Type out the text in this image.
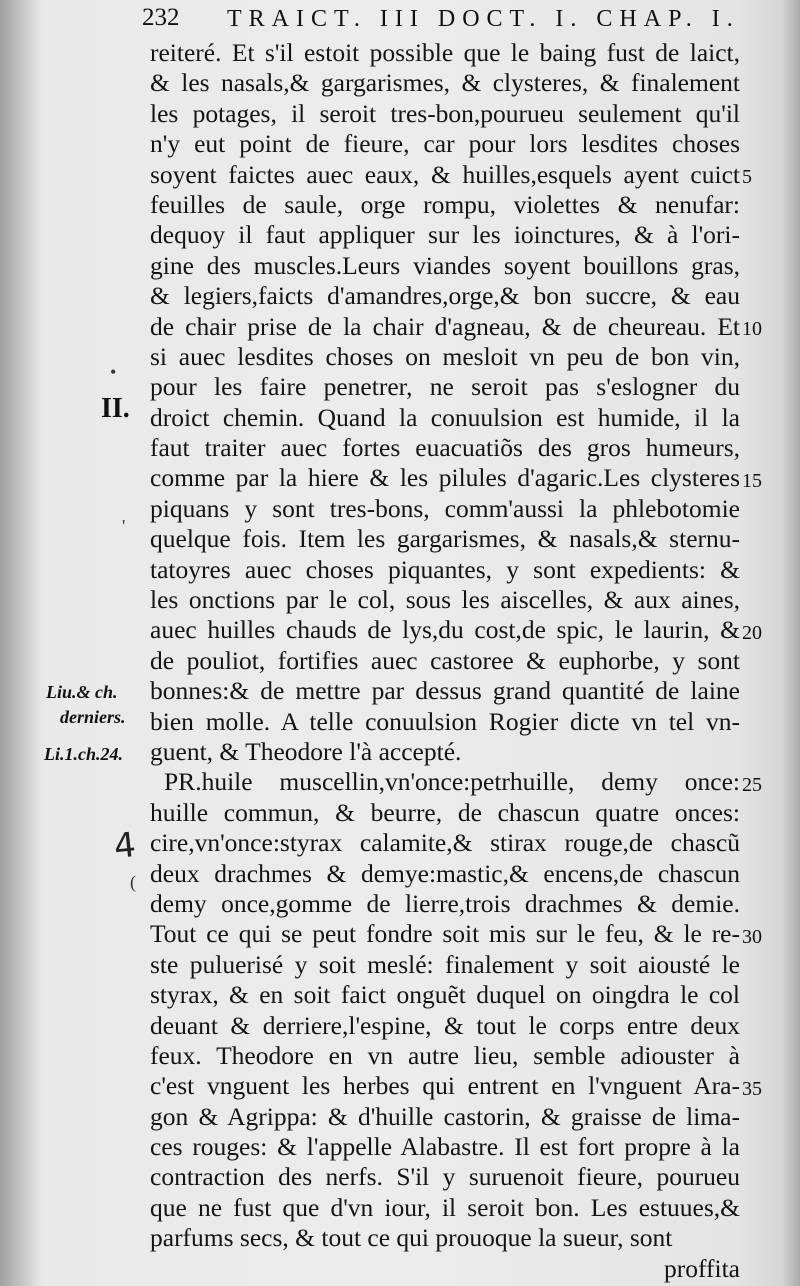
232 TRAICT. III DOCT. I. CHAP. I.
II.
Liu.& ch.
derniers.
Li.1.ch.24.
4
•
'
(
reiteré. Et s'il estoit possible que le baing fust de laict,
& les nasals,& gargarismes, & clysteres, & finalement
les potages, il seroit tres-bon,pourueu seulement qu'il
n'y eut point de fieure, car pour lors lesdites choses
soyent faictes auec eaux, & huilles,esquels ayent cuict
feuilles de saule, orge rompu, violettes & nenufar:
dequoy il faut appliquer sur les ioinctures, & à l'ori-
gine des muscles.Leurs viandes soyent bouillons gras,
& legiers,faicts d'amandres,orge,& bon succre, & eau
de chair prise de la chair d'agneau, & de cheureau. Et
si auec lesdites choses on mesloit vn peu de bon vin,
pour les faire penetrer, ne seroit pas s'eslogner du
droict chemin. Quand la conuulsion est humide, il la
faut traiter auec fortes euacuatiõs des gros humeurs,
comme par la hiere & les pilules d'agaric.Les clysteres
piquans y sont tres-bons, comm'aussi la phlebotomie
quelque fois. Item les gargarismes, & nasals,& sternu-
tatoyres auec choses piquantes, y sont expedients: &
les onctions par le col, sous les aiscelles, & aux aines,
auec huilles chauds de lys,du cost,de spic, le laurin, &
de pouliot, fortifies auec castoree & euphorbe, y sont
bonnes:& de mettre par dessus grand quantité de laine
bien molle. A telle conuulsion Rogier dicte vn tel vn-
guent, & Theodore l'à accepté.
PR.huile muscellin,vn'once:petrhuille, demy once:
huille commun, & beurre, de chascun quatre onces:
cire,vn'once:styrax calamite,& stirax rouge,de chascũ
deux drachmes & demye:mastic,& encens,de chascun
demy once,gomme de lierre,trois drachmes & demie.
Tout ce qui se peut fondre soit mis sur le feu, & le re-
ste puluerisé y soit meslé: finalement y soit aiousté le
styrax, & en soit faict onguẽt duquel on oingdra le col
deuant & derriere,l'espine, & tout le corps entre deux
feux. Theodore en vn autre lieu, semble adiouster à
c'est vnguent les herbes qui entrent en l'vnguent Ara-
gon & Agrippa: & d'huille castorin, & graisse de lima-
ces rouges: & l'appelle Alabastre. Il est fort propre à la
contraction des nerfs. S'il y suruenoit fieure, pourueu
que ne fust que d'vn iour, il seroit bon. Les estuues,&
parfums secs, & tout ce qui prouoque la sueur, sont
proffita
5
10
15
20
25
30
35
